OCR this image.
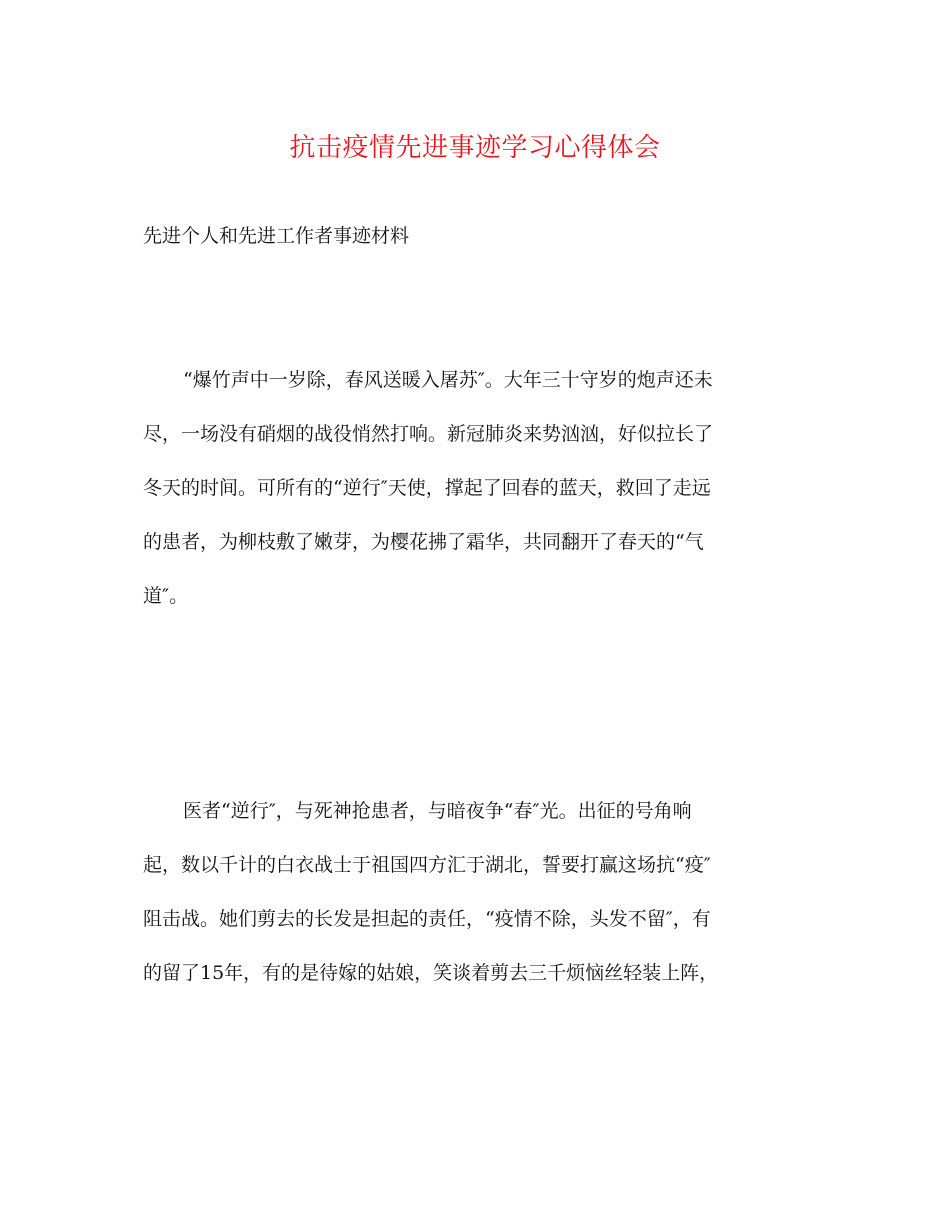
抗击疫情先进事迹学习心得体会
先进个人和先进工作者事迹材料
“爆竹声中一岁除，春风送暖入屠苏″。大年三十守岁的炮声还未
尽，一场没有硝烟的战役悄然打响。新冠肺炎来势汹汹，好似拉长了
冬天的时间。可所有的“逆行″天使，撑起了回春的蓝天，救回了走远
的患者，为柳枝敷了嫩芽，为樱花拂了霜华，共同翻开了春天的“气
道″。
医者“逆行″，与死神抢患者，与暗夜争“春″光。出征的号角响
起，数以千计的白衣战士于祖国四方汇于湖北，誓要打赢这场抗“疫″
阻击战。她们剪去的长发是担起的责任，“疫情不除，头发不留″，有
的留了15年，有的是待嫁的姑娘，笑谈着剪去三千烦恼丝轻装上阵，
